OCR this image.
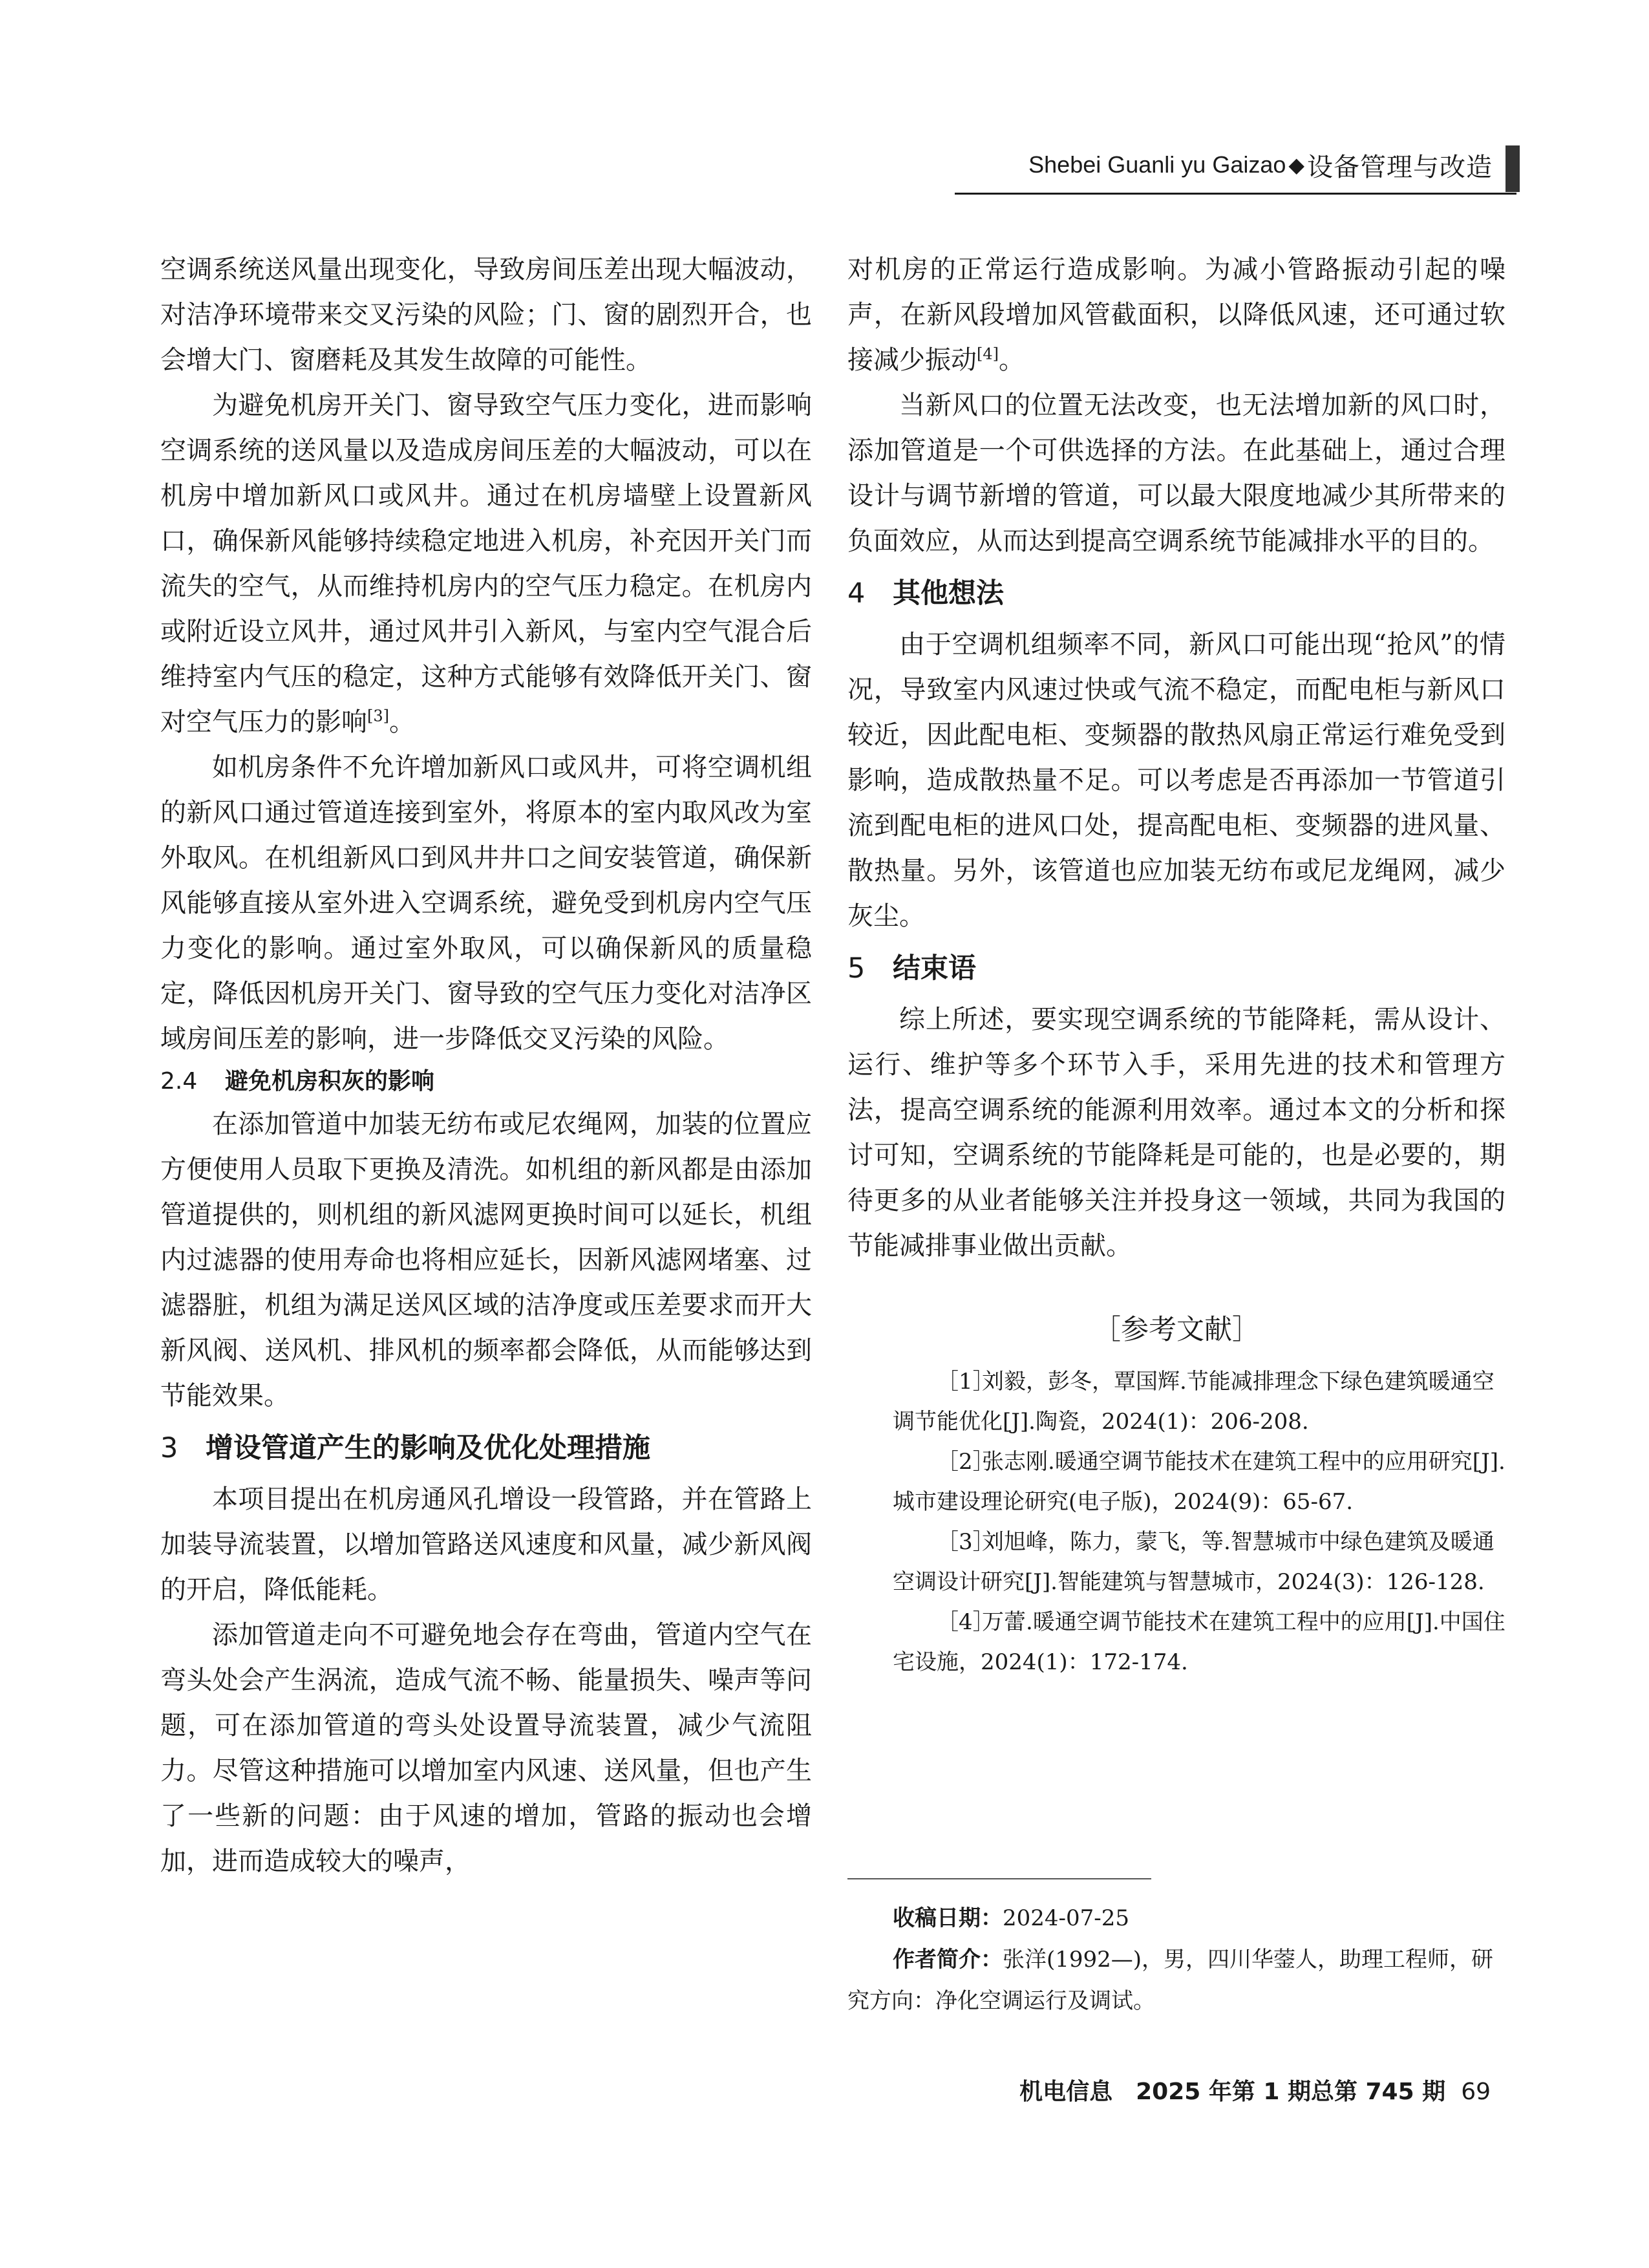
Shebei Guanli yu Gaizao ◆ 设备管理与改造

空调系统送风量出现变化，导致房间压差出现大幅波动，对洁净环境带来交叉污染的风险；门、窗的剧烈开合，也会增大门、窗磨耗及其发生故障的可能性。

为避免机房开关门、窗导致空气压力变化，进而影响空调系统的送风量以及造成房间压差的大幅波动，可以在机房中增加新风口或风井。通过在机房墙壁上设置新风口，确保新风能够持续稳定地进入机房，补充因开关门而流失的空气，从而维持机房内的空气压力稳定。在机房内或附近设立风井，通过风井引入新风，与室内空气混合后维持室内气压的稳定，这种方式能够有效降低开关门、窗对空气压力的影响[3]。

如机房条件不允许增加新风口或风井，可将空调机组的新风口通过管道连接到室外，将原本的室内取风改为室外取风。在机组新风口到风井井口之间安装管道，确保新风能够直接从室外进入空调系统，避免受到机房内空气压力变化的影响。通过室外取风，可以确保新风的质量稳定，降低因机房开关门、窗导致的空气压力变化对洁净区域房间压差的影响，进一步降低交叉污染的风险。

2.4 避免机房积灰的影响

在添加管道中加装无纺布或尼农绳网，加装的位置应方便使用人员取下更换及清洗。如机组的新风都是由添加管道提供的，则机组的新风滤网更换时间可以延长，机组内过滤器的使用寿命也将相应延长，因新风滤网堵塞、过滤器脏，机组为满足送风区域的洁净度或压差要求而开大新风阀、送风机、排风机的频率都会降低，从而能够达到节能效果。

3 增设管道产生的影响及优化处理措施

本项目提出在机房通风孔增设一段管路，并在管路上加装导流装置，以增加管路送风速度和风量，减少新风阀的开启，降低能耗。

添加管道走向不可避免地会存在弯曲，管道内空气在弯头处会产生涡流，造成气流不畅、能量损失、噪声等问题，可在添加管道的弯头处设置导流装置，减少气流阻力。尽管这种措施可以增加室内风速、送风量，但也产生了一些新的问题：由于风速的增加，管路的振动也会增加，进而造成较大的噪声，

对机房的正常运行造成影响。为减小管路振动引起的噪声，在新风段增加风管截面积，以降低风速，还可通过软接减少振动[4]。

当新风口的位置无法改变，也无法增加新的风口时，添加管道是一个可供选择的方法。在此基础上，通过合理设计与调节新增的管道，可以最大限度地减少其所带来的负面效应，从而达到提高空调系统节能减排水平的目的。

4 其他想法

由于空调机组频率不同，新风口可能出现“抢风”的情况，导致室内风速过快或气流不稳定，而配电柜与新风口较近，因此配电柜、变频器的散热风扇正常运行难免受到影响，造成散热量不足。可以考虑是否再添加一节管道引流到配电柜的进风口处，提高配电柜、变频器的进风量、散热量。另外，该管道也应加装无纺布或尼龙绳网，减少灰尘。

5 结束语

综上所述，要实现空调系统的节能降耗，需从设计、运行、维护等多个环节入手，采用先进的技术和管理方法，提高空调系统的能源利用效率。通过本文的分析和探讨可知，空调系统的节能降耗是可能的，也是必要的，期待更多的从业者能够关注并投身这一领域，共同为我国的节能减排事业做出贡献。

［参考文献］

［1］刘毅，彭冬，覃国辉.节能减排理念下绿色建筑暖通空调节能优化[J].陶瓷，2024(1)：206-208.

［2］张志刚.暖通空调节能技术在建筑工程中的应用研究[J].城市建设理论研究(电子版)，2024(9)：65-67.

［3］刘旭峰，陈力，蒙飞，等.智慧城市中绿色建筑及暖通空调设计研究[J].智能建筑与智慧城市，2024(3)：126-128.

［4］万蕾.暖通空调节能技术在建筑工程中的应用[J].中国住宅设施，2024(1)：172-174.

收稿日期：2024-07-25

作者简介：张洋(1992—)，男，四川华蓥人，助理工程师，研究方向：净化空调运行及调试。

机电信息　2025 年第 1 期总第 745 期 69
